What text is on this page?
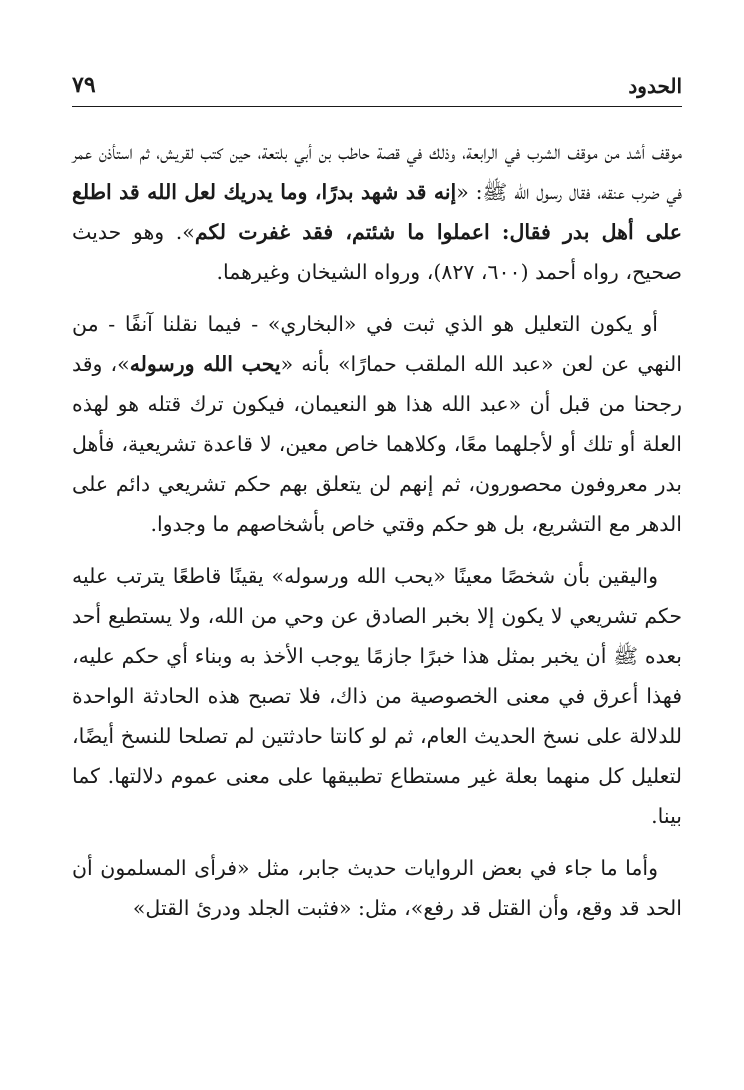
الحدود
٧٩

موقف أشد من موقف الشرب في الرابعة، وذلك في قصة حاطب بن أبي بلتعة، حين كتب لقريش، ثم استأذن عمر في ضرب عنقه، فقال رسول الله ﷺ: «إنه قد شهد بدرًا، وما يدريك لعل الله قد اطلع على أهل بدر فقال: اعملوا ما شئتم، فقد غفرت لكم». وهو حديث صحيح، رواه أحمد (٦٠٠، ٨٢٧)، ورواه الشيخان وغيرهما.

أو يكون التعليل هو الذي ثبت في «البخاري» - فيما نقلنا آنفًا - من النهي عن لعن «عبد الله الملقب حمارًا» بأنه «يحب الله ورسوله»، وقد رجحنا من قبل أن «عبد الله هذا هو النعيمان، فيكون ترك قتله هو لهذه العلة أو تلك أو لأجلهما معًا، وكلاهما خاص معين، لا قاعدة تشريعية، فأهل بدر معروفون محصورون، ثم إنهم لن يتعلق بهم حكم تشريعي دائم على الدهر مع التشريع، بل هو حكم وقتي خاص بأشخاصهم ما وجدوا.

واليقين بأن شخصًا معينًا «يحب الله ورسوله» يقينًا قاطعًا يترتب عليه حكم تشريعي لا يكون إلا بخبر الصادق عن وحي من الله، ولا يستطيع أحد بعده ﷺ أن يخبر بمثل هذا خبرًا جازمًا يوجب الأخذ به وبناء أي حكم عليه، فهذا أعرق في معنى الخصوصية من ذاك، فلا تصبح هذه الحادثة الواحدة للدلالة على نسخ الحديث العام، ثم لو كانتا حادثتين لم تصلحا للنسخ أيضًا، لتعليل كل منهما بعلة غير مستطاع تطبيقها على معنى عموم دلالتها. كما بينا.

وأما ما جاء في بعض الروايات حديث جابر، مثل «فرأى المسلمون أن الحد قد وقع، وأن القتل قد رفع»، مثل: «فثبت الجلد ودرئ القتل»
